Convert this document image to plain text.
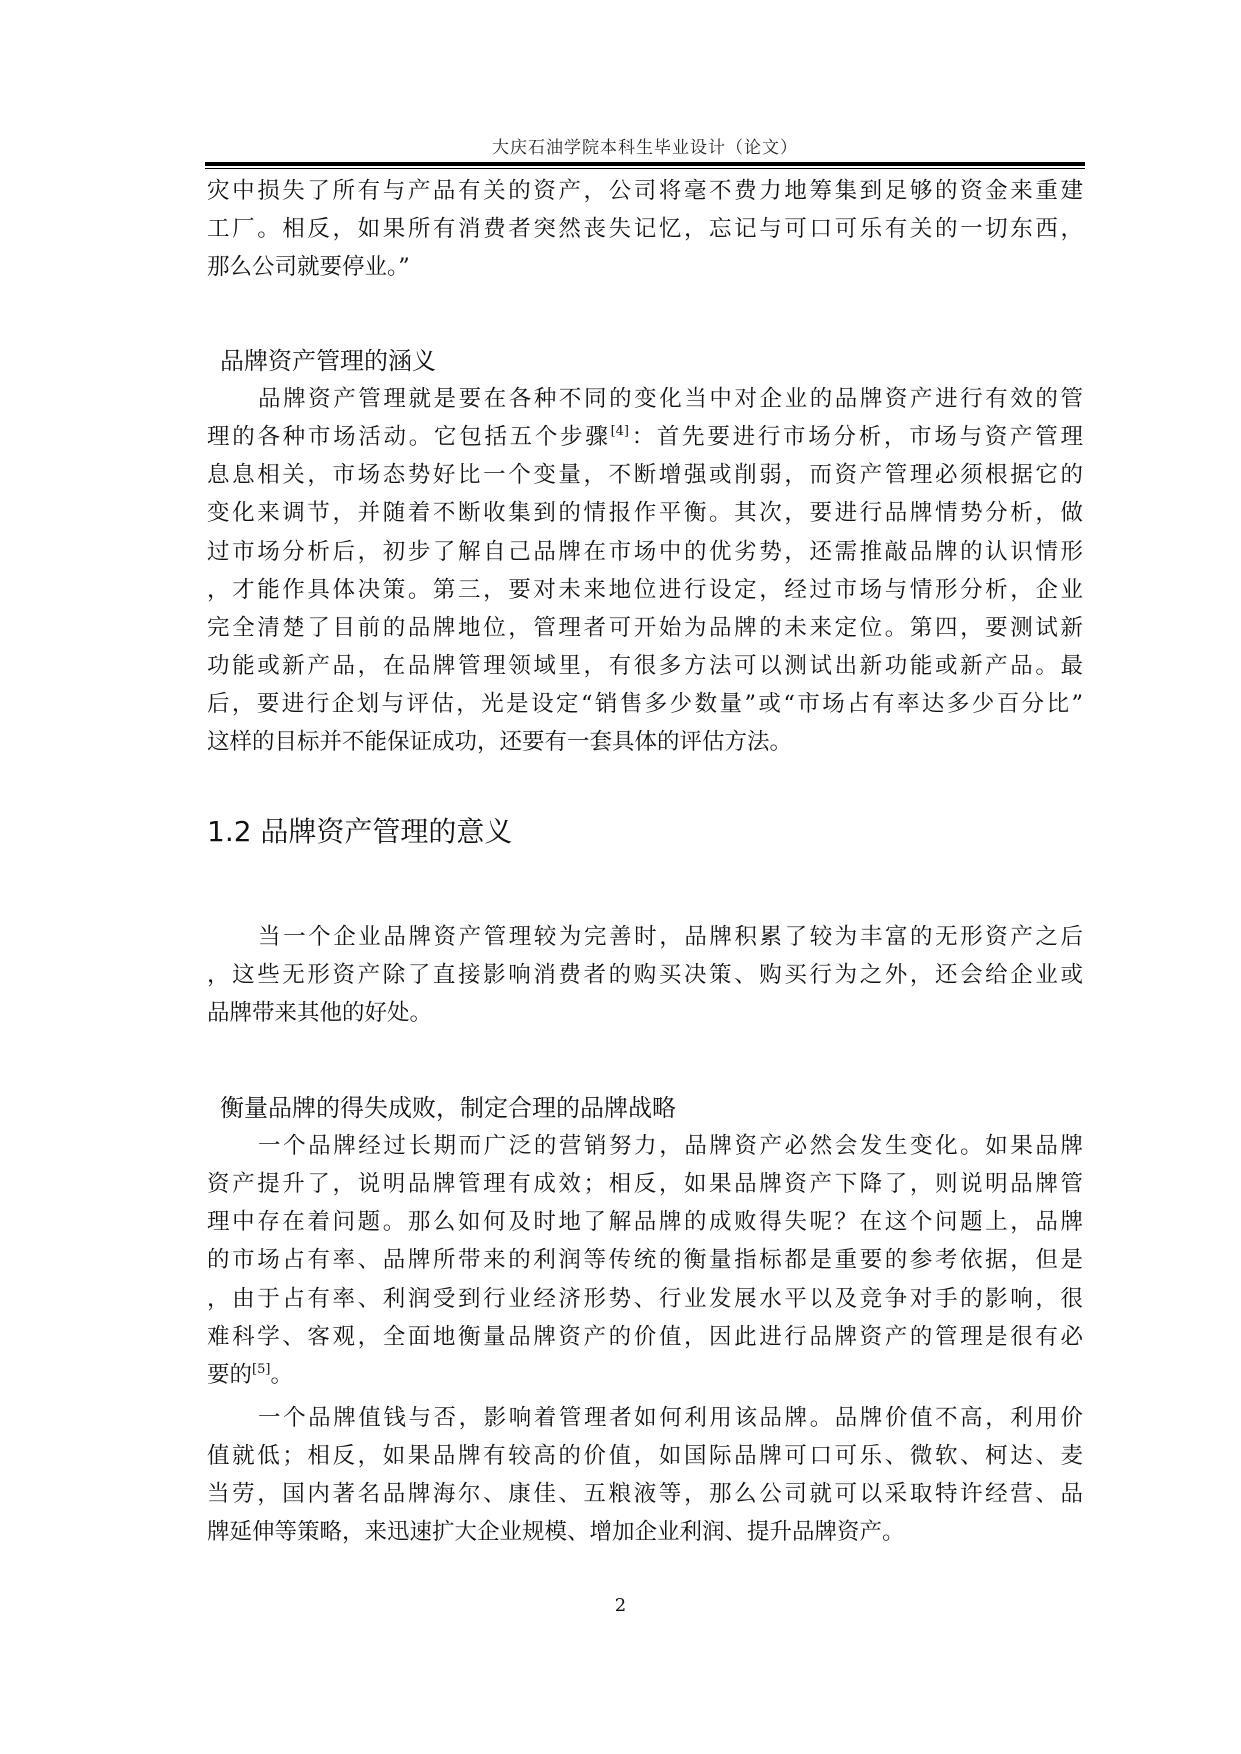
大庆石油学院本科生毕业设计（论文）
灾中损失了所有与产品有关的资产，公司将毫不费力地筹集到足够的资金来重建
工厂。相反，如果所有消费者突然丧失记忆，忘记与可口可乐有关的一切东西，
那么公司就要停业。”
品牌资产管理的涵义
品牌资产管理就是要在各种不同的变化当中对企业的品牌资产进行有效的管
理的各种市场活动。它包括五个步骤[4]：首先要进行市场分析，市场与资产管理
息息相关，市场态势好比一个变量，不断增强或削弱，而资产管理必须根据它的
变化来调节，并随着不断收集到的情报作平衡。其次，要进行品牌情势分析，做
过市场分析后，初步了解自己品牌在市场中的优劣势，还需推敲品牌的认识情形
，才能作具体决策。第三，要对未来地位进行设定，经过市场与情形分析，企业
完全清楚了目前的品牌地位，管理者可开始为品牌的未来定位。第四，要测试新
功能或新产品，在品牌管理领域里，有很多方法可以测试出新功能或新产品。最
后，要进行企划与评估，光是设定“销售多少数量”或“市场占有率达多少百分比”
这样的目标并不能保证成功，还要有一套具体的评估方法。
1.2 品牌资产管理的意义
当一个企业品牌资产管理较为完善时，品牌积累了较为丰富的无形资产之后
，这些无形资产除了直接影响消费者的购买决策、购买行为之外，还会给企业或
品牌带来其他的好处。
衡量品牌的得失成败，制定合理的品牌战略
一个品牌经过长期而广泛的营销努力，品牌资产必然会发生变化。如果品牌
资产提升了，说明品牌管理有成效；相反，如果品牌资产下降了，则说明品牌管
理中存在着问题。那么如何及时地了解品牌的成败得失呢？在这个问题上，品牌
的市场占有率、品牌所带来的利润等传统的衡量指标都是重要的参考依据，但是
，由于占有率、利润受到行业经济形势、行业发展水平以及竞争对手的影响，很
难科学、客观，全面地衡量品牌资产的价值，因此进行品牌资产的管理是很有必
要的[5]。
一个品牌值钱与否，影响着管理者如何利用该品牌。品牌价值不高，利用价
值就低；相反，如果品牌有较高的价值，如国际品牌可口可乐、微软、柯达、麦
当劳，国内著名品牌海尔、康佳、五粮液等，那么公司就可以采取特许经营、品
牌延伸等策略，来迅速扩大企业规模、增加企业利润、提升品牌资产。
2
